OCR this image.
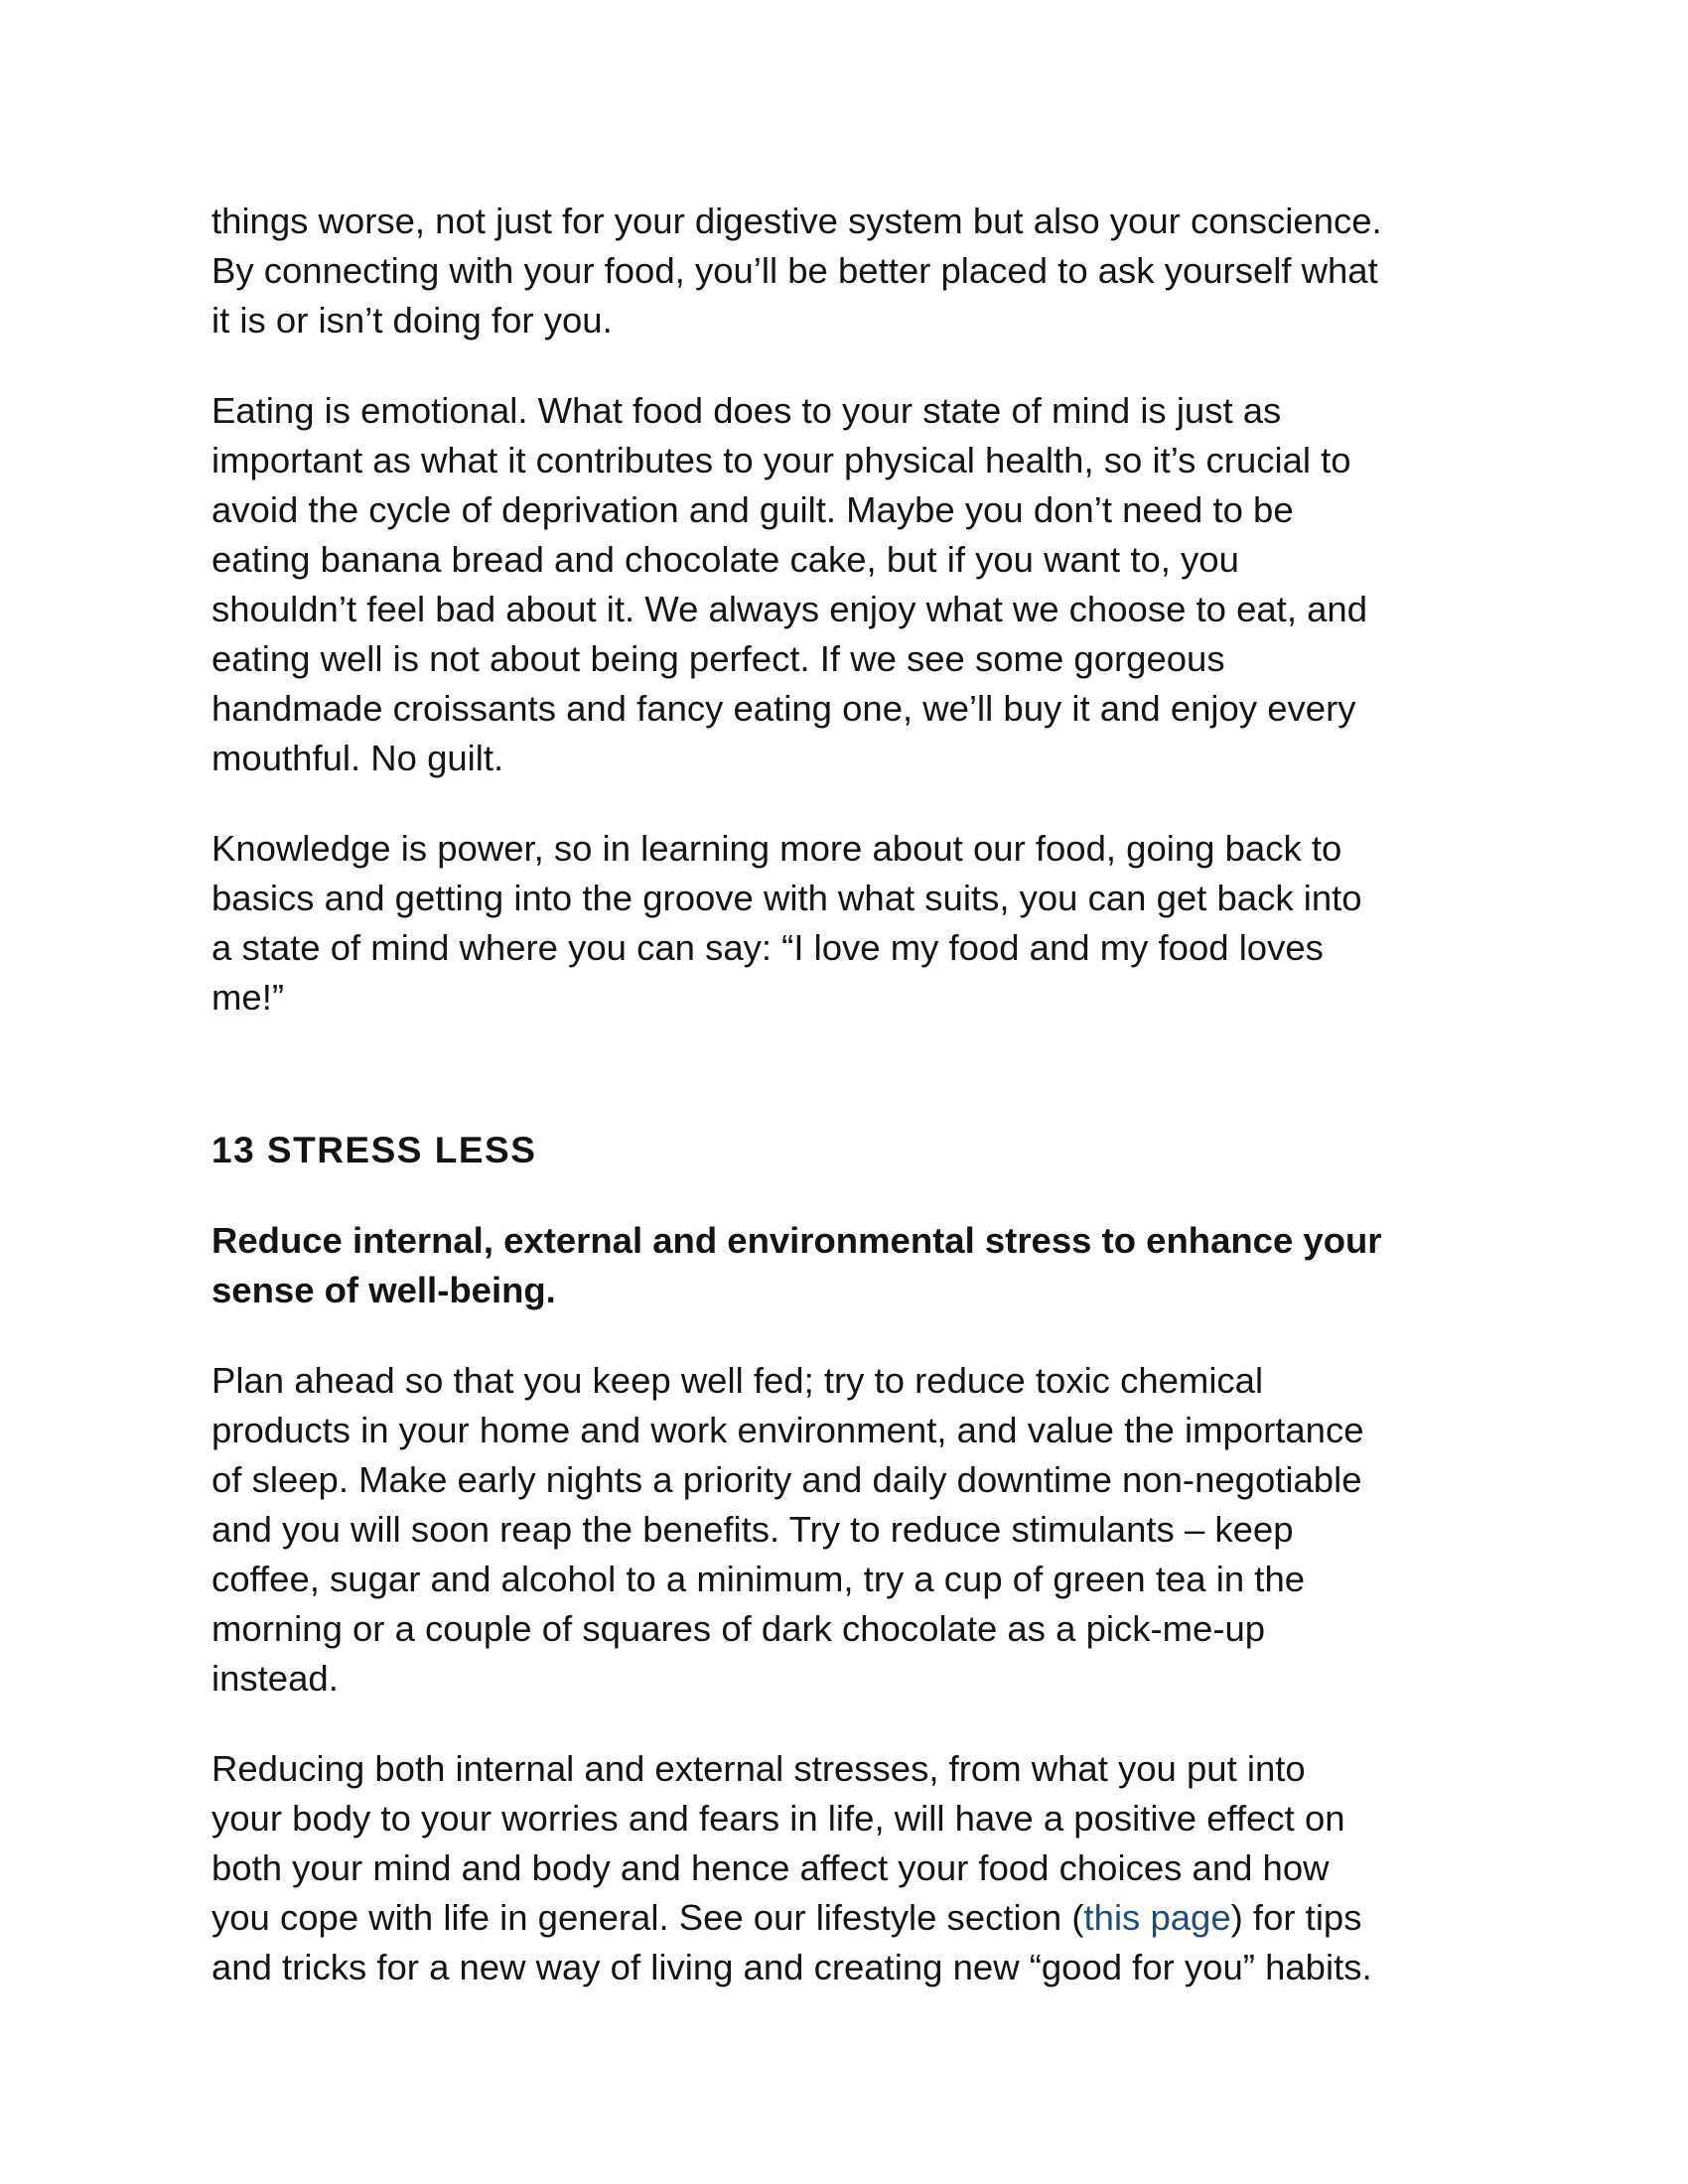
things worse, not just for your digestive system but also your conscience.
By connecting with your food, you’ll be better placed to ask yourself what
it is or isn’t doing for you.

Eating is emotional. What food does to your state of mind is just as
important as what it contributes to your physical health, so it’s crucial to
avoid the cycle of deprivation and guilt. Maybe you don’t need to be
eating banana bread and chocolate cake, but if you want to, you
shouldn’t feel bad about it. We always enjoy what we choose to eat, and
eating well is not about being perfect. If we see some gorgeous
handmade croissants and fancy eating one, we’ll buy it and enjoy every
mouthful. No guilt.

Knowledge is power, so in learning more about our food, going back to
basics and getting into the groove with what suits, you can get back into
a state of mind where you can say: “I love my food and my food loves
me!”

13 STRESS LESS

Reduce internal, external and environmental stress to enhance your
sense of well-being.

Plan ahead so that you keep well fed; try to reduce toxic chemical
products in your home and work environment, and value the importance
of sleep. Make early nights a priority and daily downtime non-negotiable
and you will soon reap the benefits. Try to reduce stimulants – keep
coffee, sugar and alcohol to a minimum, try a cup of green tea in the
morning or a couple of squares of dark chocolate as a pick-me-up
instead.

Reducing both internal and external stresses, from what you put into
your body to your worries and fears in life, will have a positive effect on
both your mind and body and hence affect your food choices and how
you cope with life in general. See our lifestyle section (this page) for tips
and tricks for a new way of living and creating new “good for you” habits.
